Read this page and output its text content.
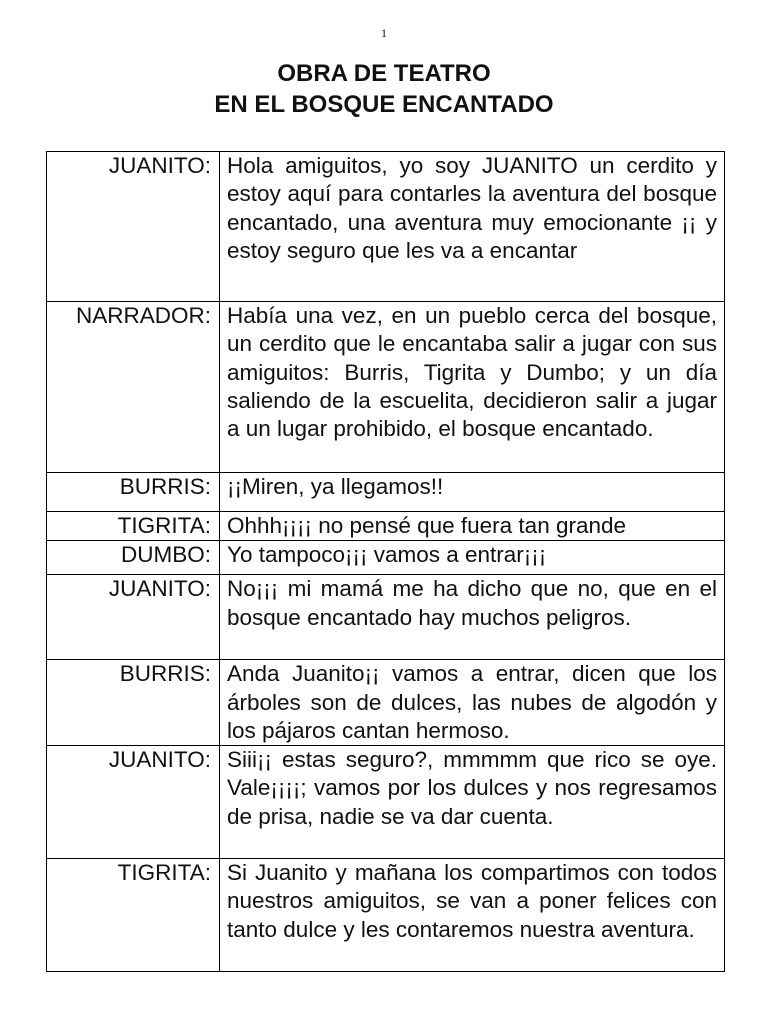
1
OBRA DE TEATRO
EN EL BOSQUE ENCANTADO
JUANITO:	Hola amiguitos, yo soy JUANITO un cerdito y estoy aquí para contarles la aventura del bosque encantado, una aventura muy emocionante ¡¡ y estoy seguro que les va a encantar
NARRADOR:	Había una vez, en un pueblo cerca del bosque, un cerdito que le encantaba salir a jugar con sus amiguitos: Burris, Tigrita y Dumbo; y un día saliendo de la escuelita, decidieron salir a jugar a un lugar prohibido, el bosque encantado.
BURRIS:	¡¡Miren, ya llegamos!!
TIGRITA:	Ohhh¡¡¡¡ no pensé que fuera tan grande
DUMBO:	Yo tampoco¡¡¡ vamos a entrar¡¡¡
JUANITO:	No¡¡¡ mi mamá me ha dicho que no, que en el bosque encantado hay muchos peligros.
BURRIS:	Anda Juanito¡¡ vamos a entrar, dicen que los árboles son de dulces, las nubes de algodón y los pájaros cantan hermoso.
JUANITO:	Siii¡¡ estas seguro?, mmmmm que rico se oye. Vale¡¡¡¡; vamos por los dulces y nos regresamos de prisa, nadie se va dar cuenta.
TIGRITA:	Si Juanito y mañana los compartimos con todos nuestros amiguitos, se van a poner felices con tanto dulce y les contaremos nuestra aventura.
